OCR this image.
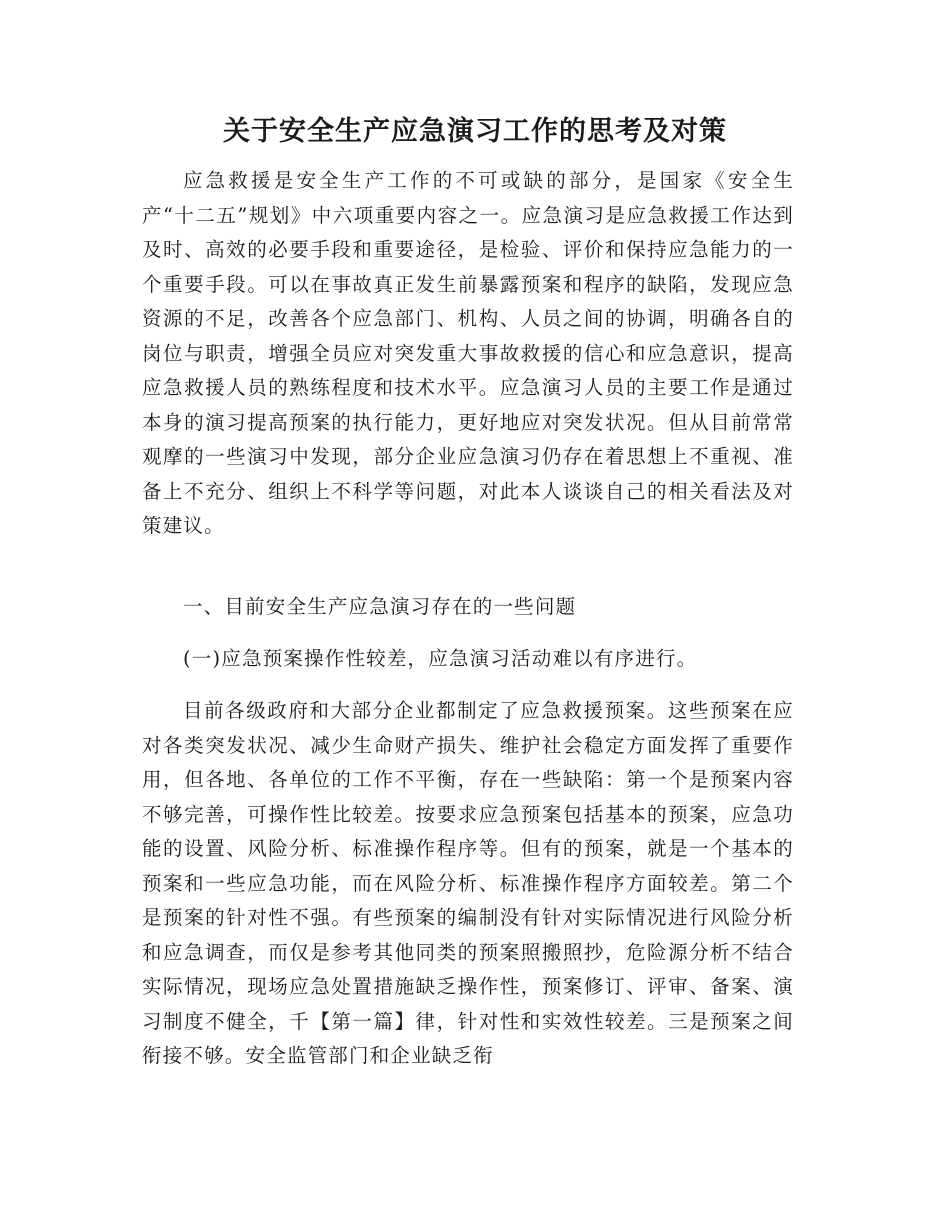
关于安全生产应急演习工作的思考及对策

应急救援是安全生产工作的不可或缺的部分，是国家《安全生产“十二五”规划》中六项重要内容之一。应急演习是应急救援工作达到及时、高效的必要手段和重要途径，是检验、评价和保持应急能力的一个重要手段。可以在事故真正发生前暴露预案和程序的缺陷，发现应急资源的不足，改善各个应急部门、机构、人员之间的协调，明确各自的岗位与职责，增强全员应对突发重大事故救援的信心和应急意识，提高应急救援人员的熟练程度和技术水平。应急演习人员的主要工作是通过本身的演习提高预案的执行能力，更好地应对突发状况。但从目前常常观摩的一些演习中发现，部分企业应急演习仍存在着思想上不重视、准备上不充分、组织上不科学等问题，对此本人谈谈自己的相关看法及对策建议。

一、目前安全生产应急演习存在的一些问题

(一)应急预案操作性较差，应急演习活动难以有序进行。

目前各级政府和大部分企业都制定了应急救援预案。这些预案在应对各类突发状况、减少生命财产损失、维护社会稳定方面发挥了重要作用，但各地、各单位的工作不平衡，存在一些缺陷：第一个是预案内容不够完善，可操作性比较差。按要求应急预案包括基本的预案，应急功能的设置、风险分析、标准操作程序等。但有的预案，就是一个基本的预案和一些应急功能，而在风险分析、标准操作程序方面较差。第二个是预案的针对性不强。有些预案的编制没有针对实际情况进行风险分析和应急调查，而仅是参考其他同类的预案照搬照抄，危险源分析不结合实际情况，现场应急处置措施缺乏操作性，预案修订、评审、备案、演习制度不健全，千【第一篇】律，针对性和实效性较差。三是预案之间衔接不够。安全监管部门和企业缺乏衔
